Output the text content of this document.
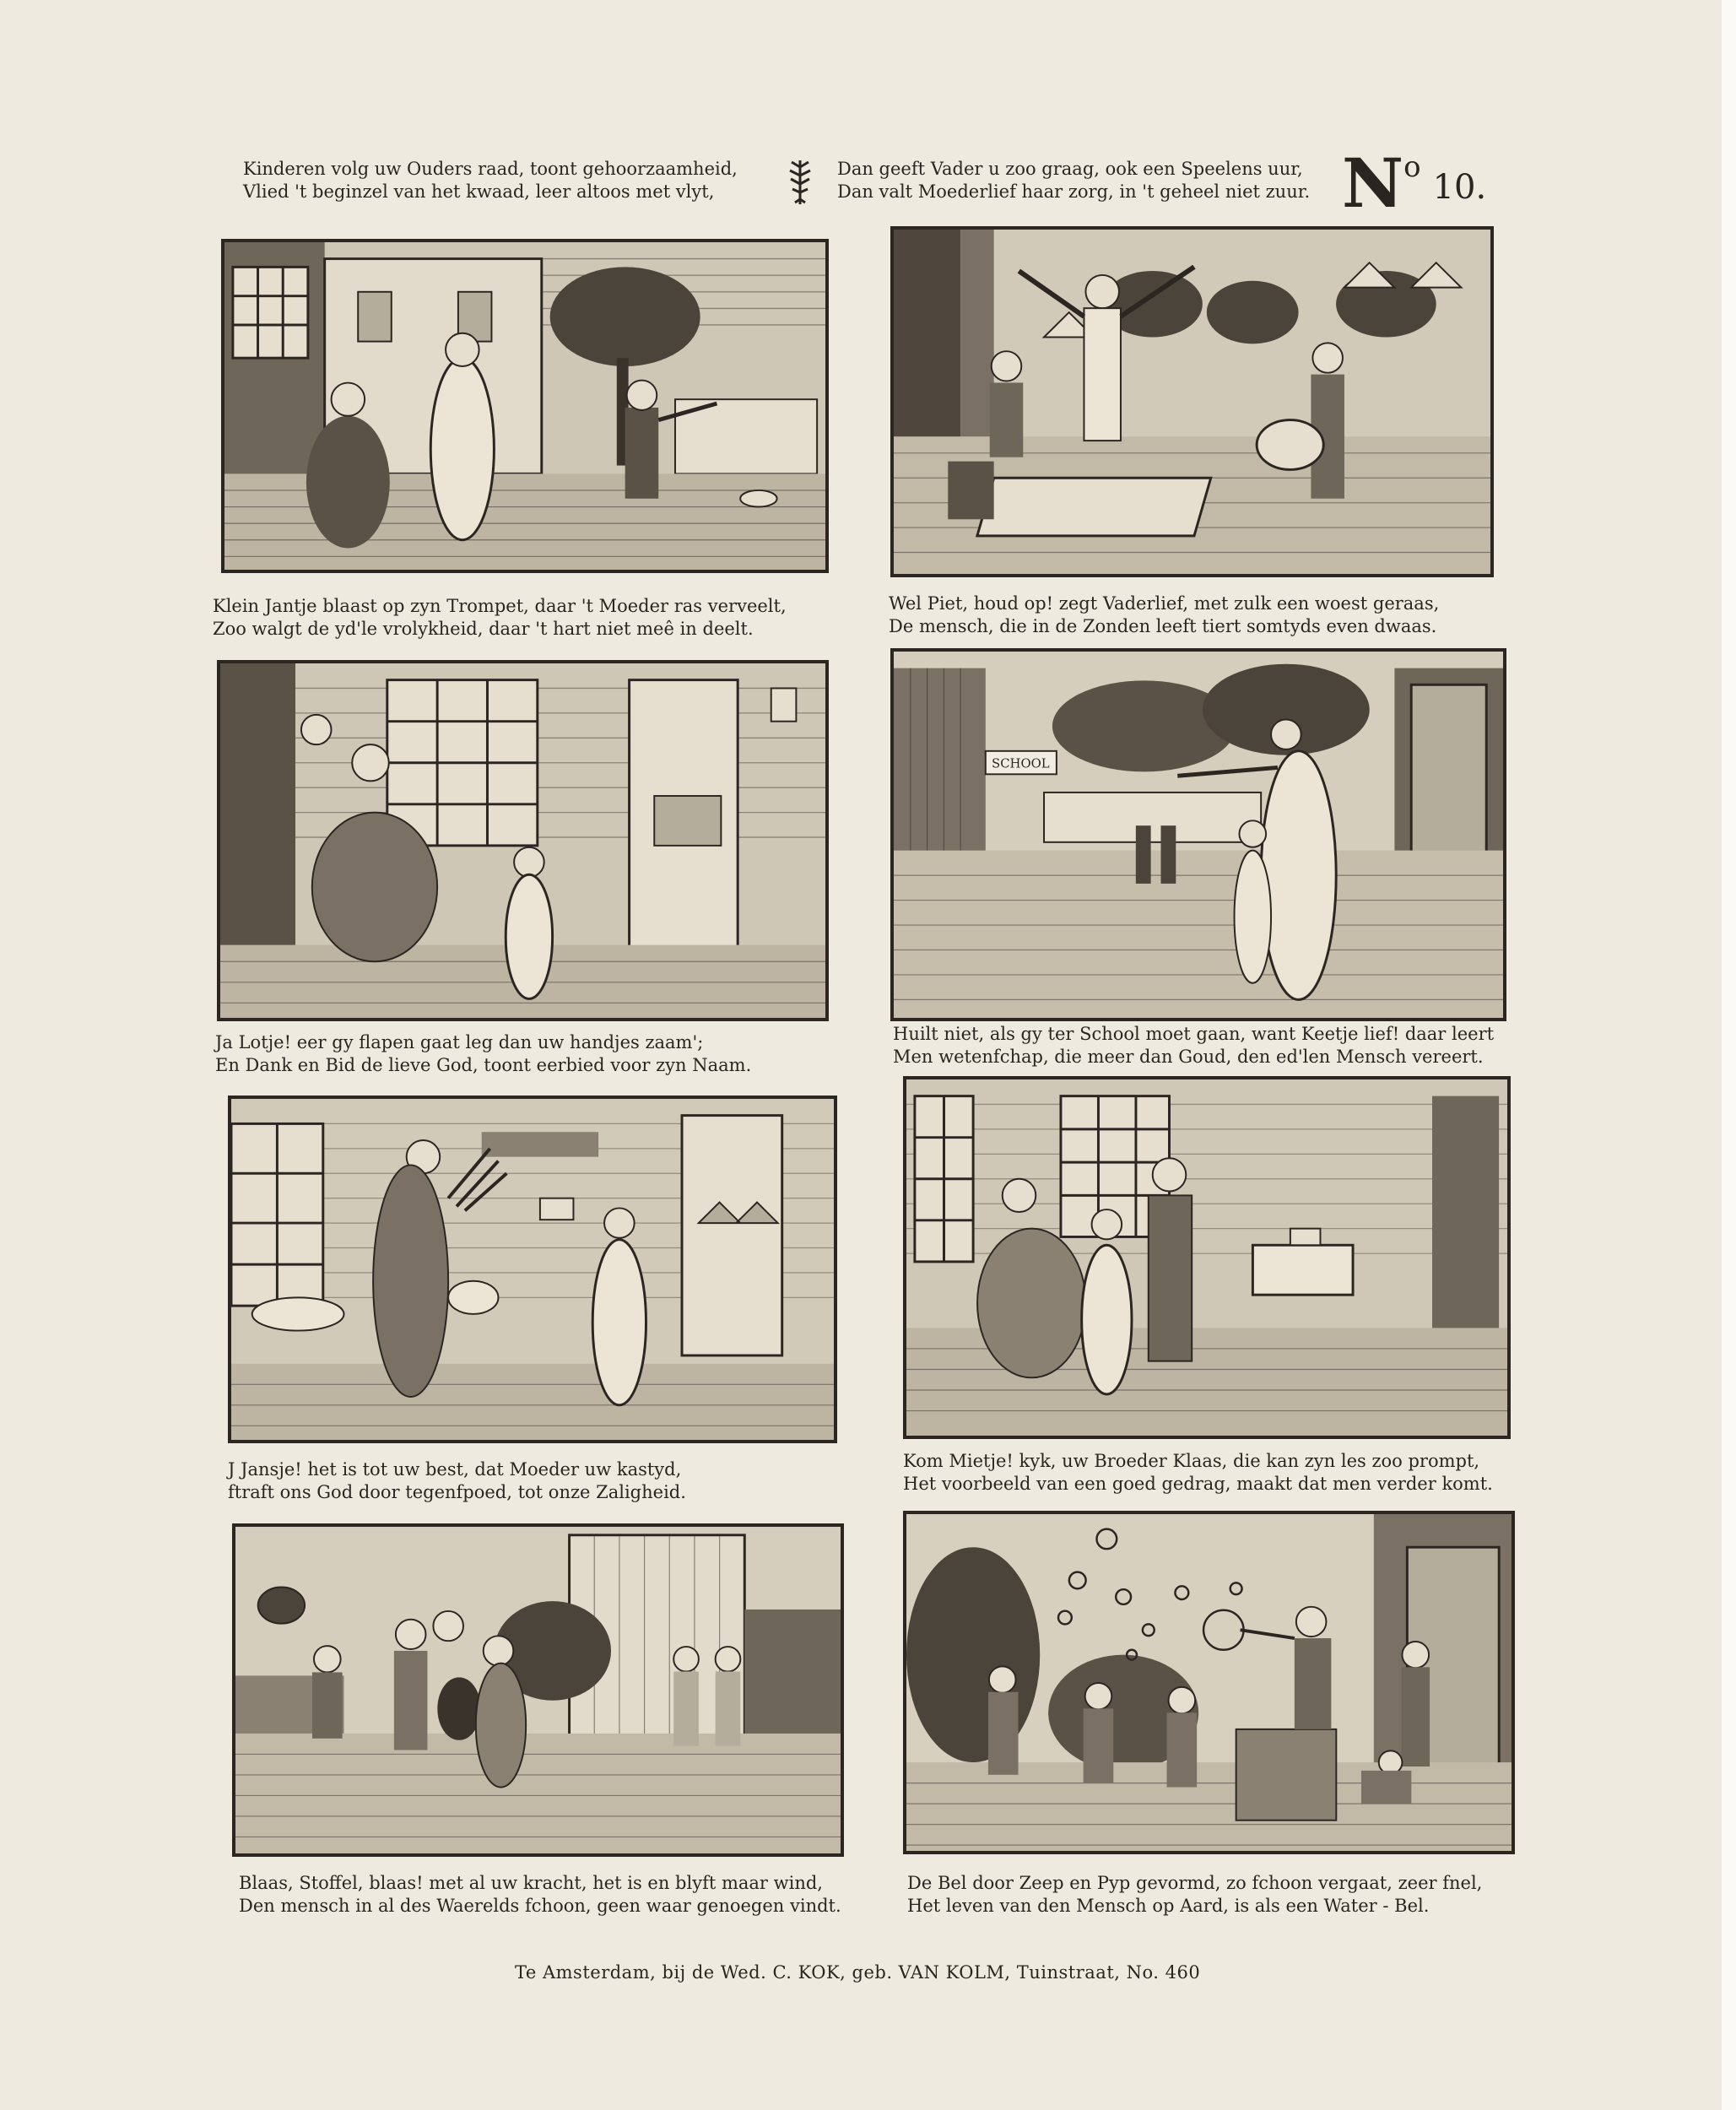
Kinderen volg uw Ouders raad, toont gehoorzaamheid,
Vlied 't beginzel van het kwaad, leer altoos met vlyt,
Dan geeft Vader u zoo graag, ook een Speelens uur,
Dan valt Moederlief haar zorg, in 't geheel niet zuur. No10.
SCHOOL
Klein Jantje blaast op zyn Trompet, daar 't Moeder ras verveelt,
Zoo walgt de yd'le vrolykheid, daar 't hart niet meê in deelt.
Wel Piet, houd op! zegt Vaderlief, met zulk een woest geraas,
De mensch, die in de Zonden leeft tiert somtyds even dwaas.
Ja Lotje! eer gy flapen gaat leg dan uw handjes zaam';
En Dank en Bid de lieve God, toont eerbied voor zyn Naam.
Huilt niet, als gy ter School moet gaan, want Keetje lief! daar leert
Men wetenfchap, die meer dan Goud, den ed'len Mensch vereert.
J Jansje! het is tot uw best, dat Moeder uw kastyd,
ftraft ons God door tegenfpoed, tot onze Zaligheid.
Kom Mietje! kyk, uw Broeder Klaas, die kan zyn les zoo prompt,
Het voorbeeld van een goed gedrag, maakt dat men verder komt.
Blaas, Stoffel, blaas! met al uw kracht, het is en blyft maar wind,
Den mensch in al des Waerelds fchoon, geen waar genoegen vindt.
De Bel door Zeep en Pyp gevormd, zo fchoon vergaat, zeer fnel,
Het leven van den Mensch op Aard, is als een Water - Bel.
Te Amsterdam, bij de Wed. C. KOK, geb. VAN KOLM, Tuinstraat, No. 460
